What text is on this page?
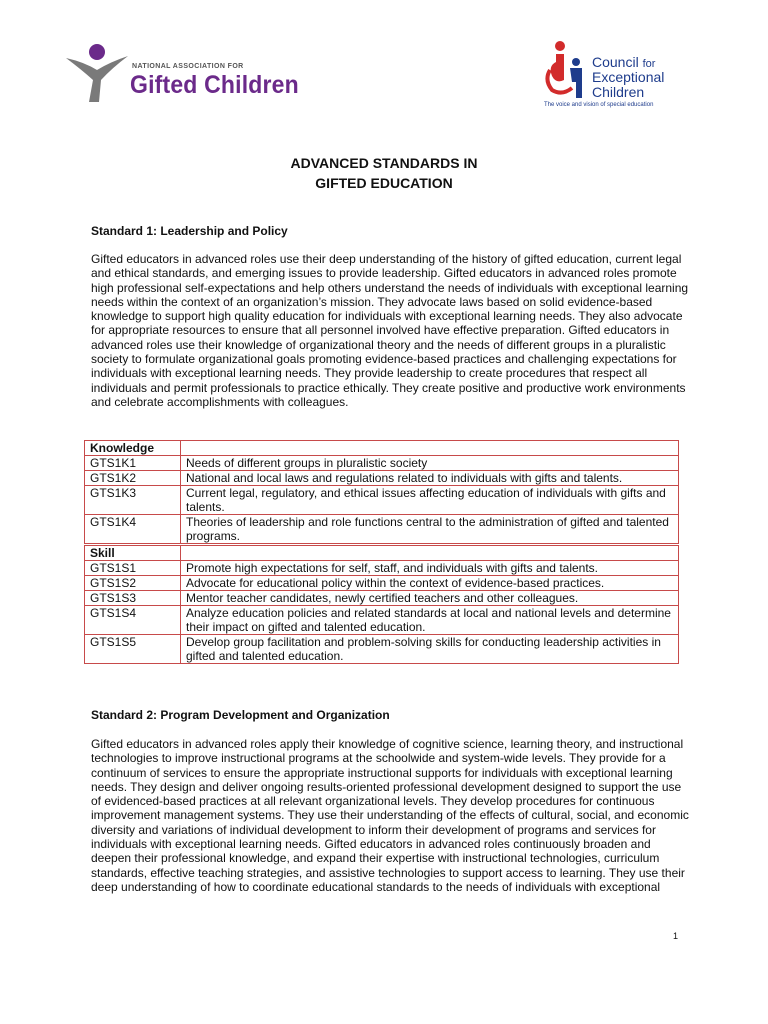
NATIONAL ASSOCIATION FOR
Gifted Children
Council for
Exceptional
Children
The voice and vision of special education
ADVANCED STANDARDS IN
GIFTED EDUCATION
Standard 1: Leadership and Policy
Gifted educators in advanced roles use their deep understanding of the history of gifted education, current legal and ethical standards, and emerging issues to provide leadership. Gifted educators in advanced roles promote high professional self-expectations and help others understand the needs of individuals with exceptional learning needs within the context of an organization’s mission. They advocate laws based on solid evidence-based knowledge to support high quality education for individuals with exceptional learning needs. They also advocate for appropriate resources to ensure that all personnel involved have effective preparation. Gifted educators in advanced roles use their knowledge of organizational theory and the needs of different groups in a pluralistic society to formulate organizational goals promoting evidence-based practices and challenging expectations for individuals with exceptional learning needs. They provide leadership to create procedures that respect all individuals and permit professionals to practice ethically. They create positive and productive work environments and celebrate accomplishments with colleagues.
Knowledge	
GTS1K1	Needs of different groups in pluralistic society
GTS1K2	National and local laws and regulations related to individuals with gifts and talents.
GTS1K3	Current legal, regulatory, and ethical issues affecting education of individuals with gifts and talents.
GTS1K4	Theories of leadership and role functions central to the administration of gifted and talented programs.
Skill	
GTS1S1	Promote high expectations for self, staff, and individuals with gifts and talents.
GTS1S2	Advocate for educational policy within the context of evidence-based practices.
GTS1S3	Mentor teacher candidates, newly certified teachers and other colleagues.
GTS1S4	Analyze education policies and related standards at local and national levels and determine their impact on gifted and talented education.
GTS1S5	Develop group facilitation and problem-solving skills for conducting leadership activities in gifted and talented education.
Standard 2: Program Development and Organization
Gifted educators in advanced roles apply their knowledge of cognitive science, learning theory, and instructional technologies to improve instructional programs at the schoolwide and system-wide levels. They provide for a continuum of services to ensure the appropriate instructional supports for individuals with exceptional learning needs. They design and deliver ongoing results-oriented professional development designed to support the use of evidenced-based practices at all relevant organizational levels. They develop procedures for continuous improvement management systems. They use their understanding of the effects of cultural, social, and economic diversity and variations of individual development to inform their development of programs and services for individuals with exceptional learning needs. Gifted educators in advanced roles continuously broaden and deepen their professional knowledge, and expand their expertise with instructional technologies, curriculum standards, effective teaching strategies, and assistive technologies to support access to learning. They use their deep understanding of how to coordinate educational standards to the needs of individuals with exceptional
1
